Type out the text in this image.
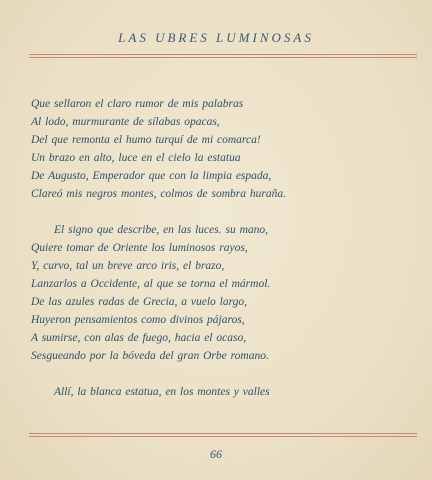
LAS UBRES LUMINOSAS
Que sellaron el claro rumor de mis palabras
Al lodo, murmurante de sílabas opacas,
Del que remonta el humo turquí de mi comarca!
Un brazo en alto, luce en el cielo la estatua
De Augusto, Emperador que con la limpia espada,
Clareó mis negros montes, colmos de sombra huraña.
El signo que describe, en las luces. su mano,
Quiere tomar de Oriente los luminosos rayos,
Y, curvo, tal un breve arco iris, el brazo,
Lanzarlos a Occidente, al que se torna el mármol.
De las azules radas de Grecia, a vuelo largo,
Huyeron pensamientos como divinos pájaros,
A sumirse, con alas de fuego, hacia el ocaso,
Sesgueando por la bóveda del gran Orbe romano.
Allí, la blanca estatua, en los montes y valles
66
